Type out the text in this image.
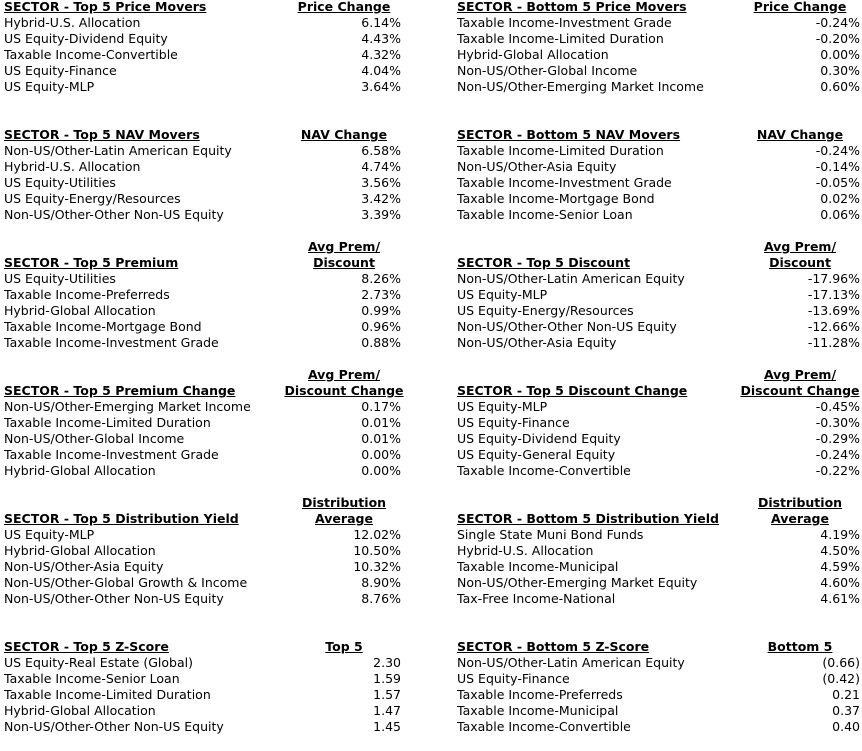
SECTOR - Top 5 Price Movers	Price Change
Hybrid-U.S. Allocation	6.14%
US Equity-Dividend Equity	4.43%
Taxable Income-Convertible	4.32%
US Equity-Finance	4.04%
US Equity-MLP	3.64%
SECTOR - Bottom 5 Price Movers	Price Change
Taxable Income-Investment Grade	-0.24%
Taxable Income-Limited Duration	-0.20%
Hybrid-Global Allocation	0.00%
Non-US/Other-Global Income	0.30%
Non-US/Other-Emerging Market Income	0.60%
SECTOR - Top 5 NAV Movers	NAV Change
Non-US/Other-Latin American Equity	6.58%
Hybrid-U.S. Allocation	4.74%
US Equity-Utilities	3.56%
US Equity-Energy/Resources	3.42%
Non-US/Other-Other Non-US Equity	3.39%
SECTOR - Bottom 5 NAV Movers	NAV Change
Taxable Income-Limited Duration	-0.24%
Non-US/Other-Asia Equity	-0.14%
Taxable Income-Investment Grade	-0.05%
Taxable Income-Mortgage Bond	0.02%
Taxable Income-Senior Loan	0.06%
SECTOR - Top 5 Premium
Avg Prem/
Discount
US Equity-Utilities	8.26%
Taxable Income-Preferreds	2.73%
Hybrid-Global Allocation	0.99%
Taxable Income-Mortgage Bond	0.96%
Taxable Income-Investment Grade	0.88%
SECTOR - Top 5 Discount
Avg Prem/
Discount
Non-US/Other-Latin American Equity	-17.96%
US Equity-MLP	-17.13%
US Equity-Energy/Resources	-13.69%
Non-US/Other-Other Non-US Equity	-12.66%
Non-US/Other-Asia Equity	-11.28%
SECTOR - Top 5 Premium Change
Avg Prem/
Discount Change
Non-US/Other-Emerging Market Income	0.17%
Taxable Income-Limited Duration	0.01%
Non-US/Other-Global Income	0.01%
Taxable Income-Investment Grade	0.00%
Hybrid-Global Allocation	0.00%
SECTOR - Top 5 Discount Change
Avg Prem/
Discount Change
US Equity-MLP	-0.45%
US Equity-Finance	-0.30%
US Equity-Dividend Equity	-0.29%
US Equity-General Equity	-0.24%
Taxable Income-Convertible	-0.22%
SECTOR - Top 5 Distribution Yield
Distribution
Average
US Equity-MLP	12.02%
Hybrid-Global Allocation	10.50%
Non-US/Other-Asia Equity	10.32%
Non-US/Other-Global Growth & Income	8.90%
Non-US/Other-Other Non-US Equity	8.76%
SECTOR - Bottom 5 Distribution Yield
Distribution
Average
Single State Muni Bond Funds	4.19%
Hybrid-U.S. Allocation	4.50%
Taxable Income-Municipal	4.59%
Non-US/Other-Emerging Market Equity	4.60%
Tax-Free Income-National	4.61%
SECTOR - Top 5 Z-Score	Top 5
US Equity-Real Estate (Global)	2.30
Taxable Income-Senior Loan	1.59
Taxable Income-Limited Duration	1.57
Hybrid-Global Allocation	1.47
Non-US/Other-Other Non-US Equity	1.45
SECTOR - Bottom 5 Z-Score	Bottom 5
Non-US/Other-Latin American Equity	(0.66)
US Equity-Finance	(0.42)
Taxable Income-Preferreds	0.21
Taxable Income-Municipal	0.37
Taxable Income-Convertible	0.40
